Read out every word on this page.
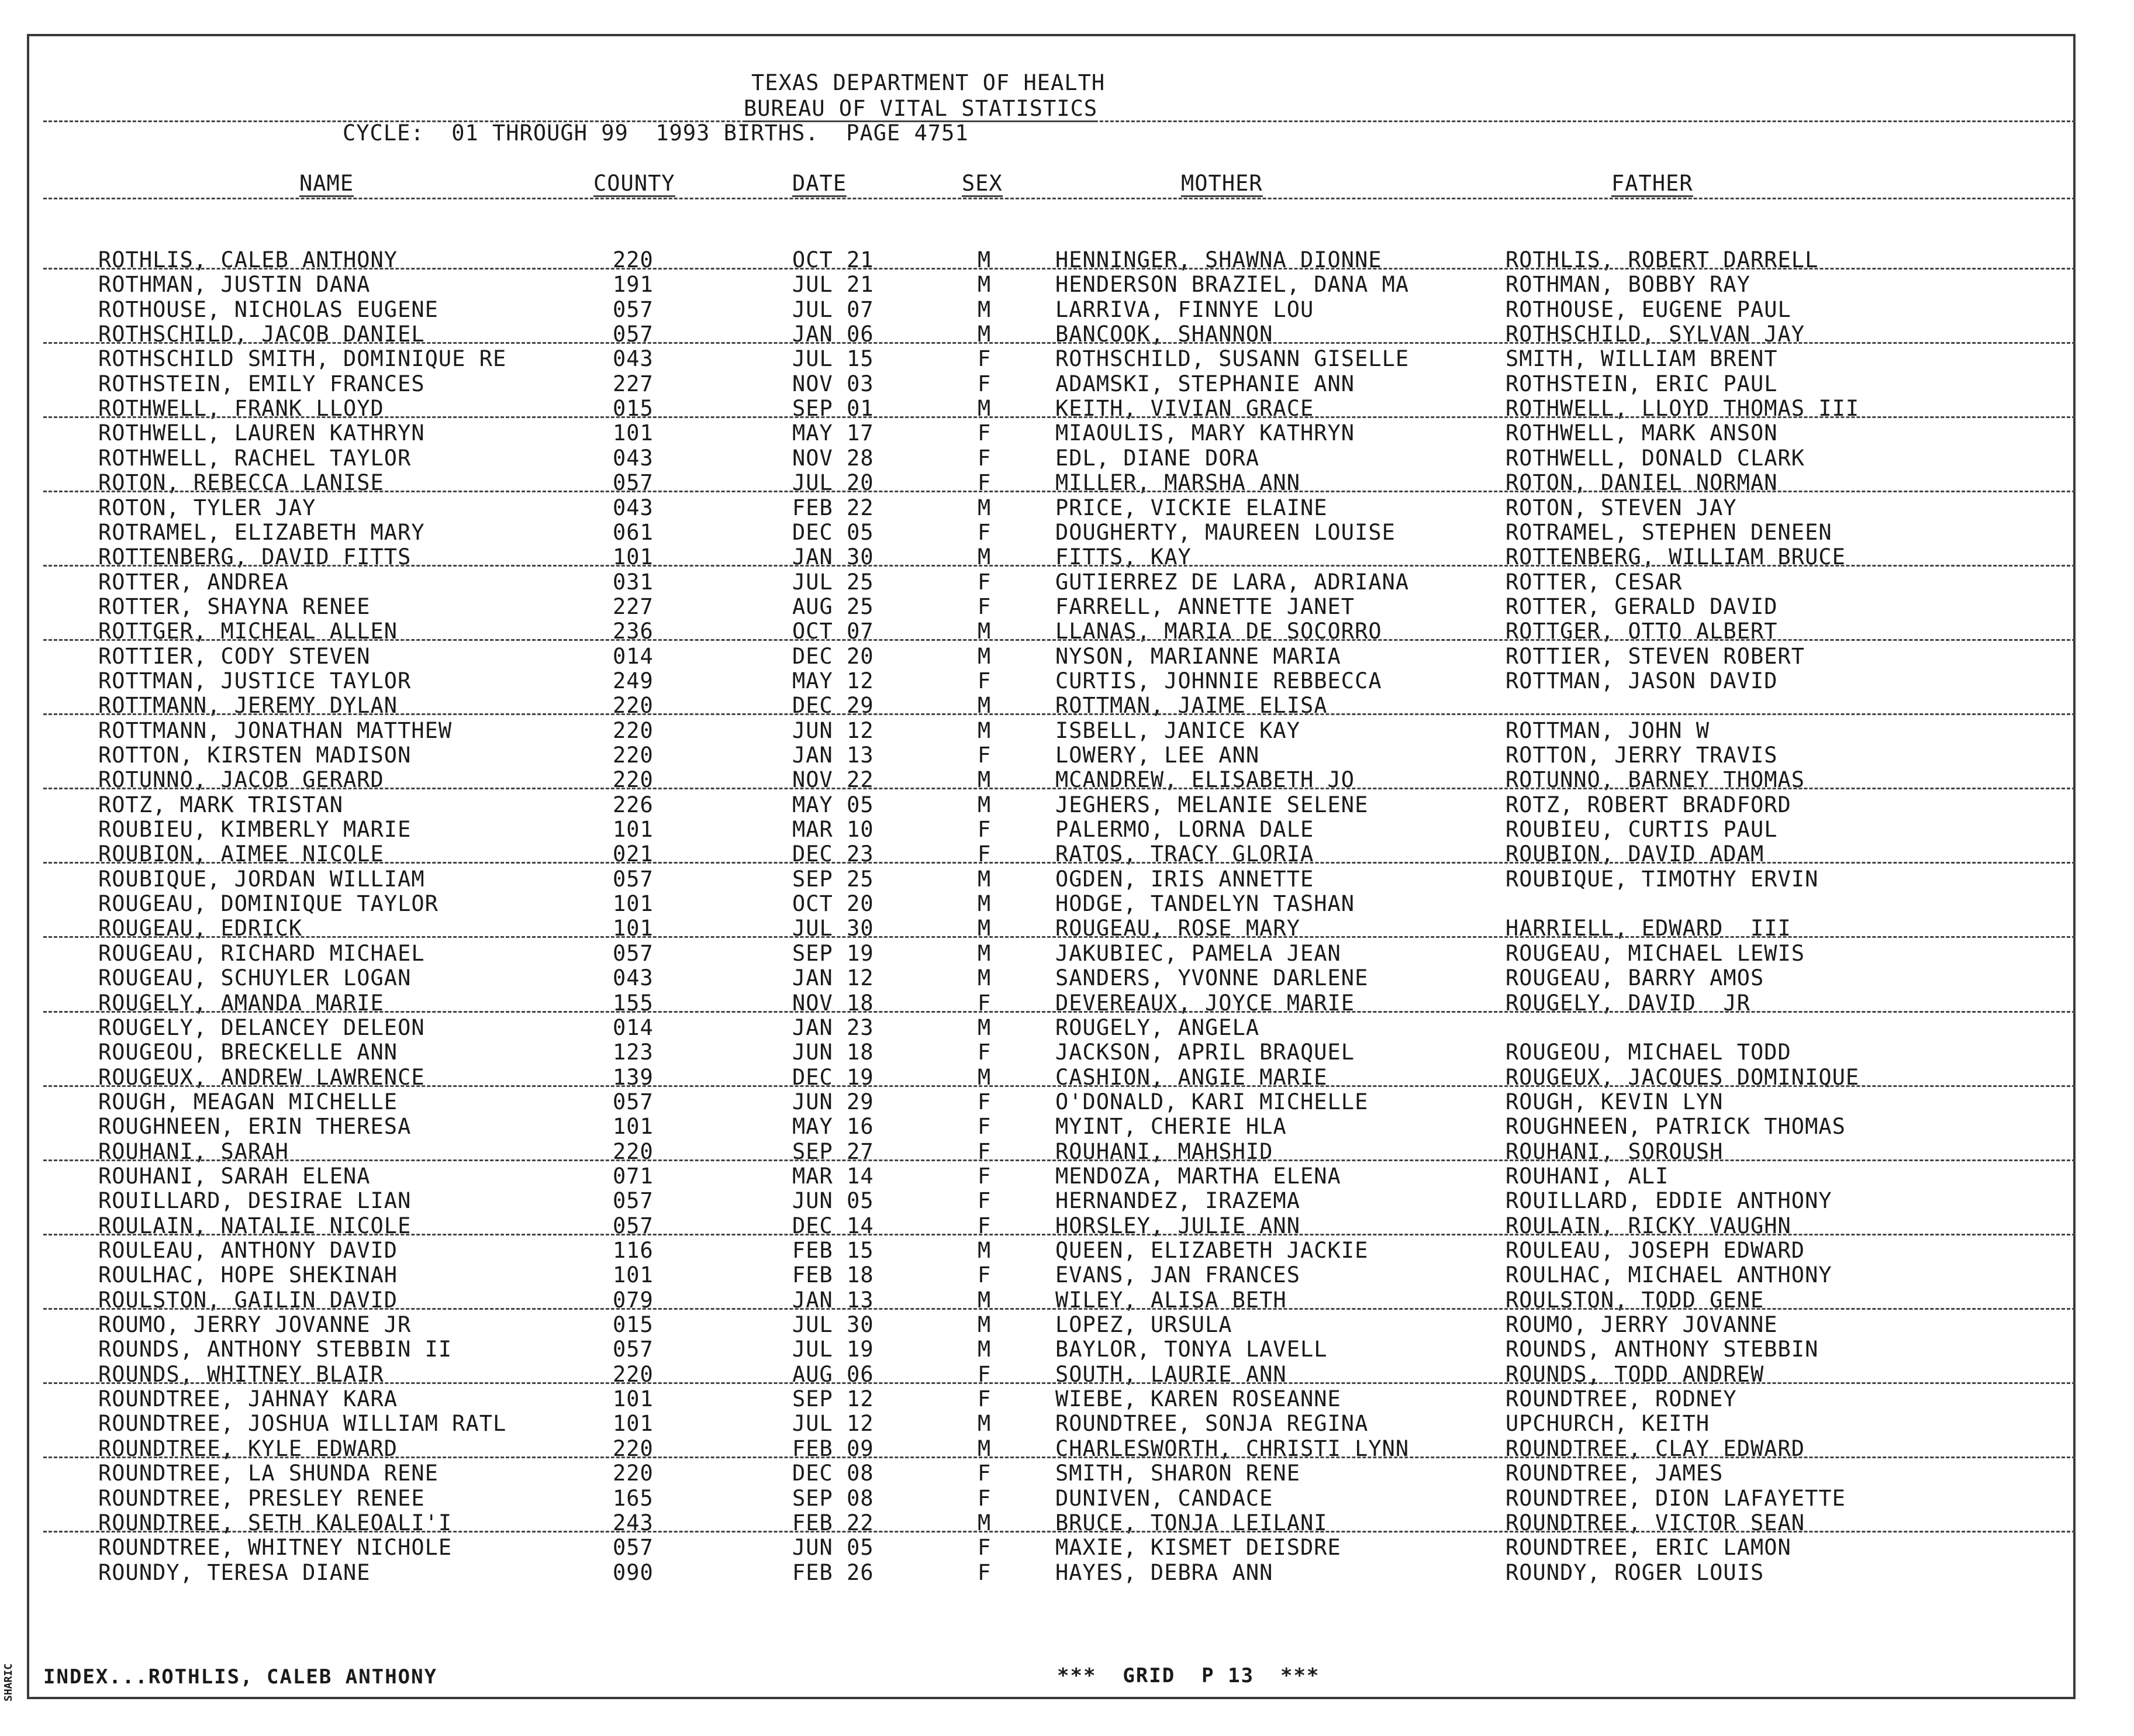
TEXAS DEPARTMENT OF HEALTH
BUREAU OF VITAL STATISTICS
CYCLE:  01 THROUGH 99  1993 BIRTHS.  PAGE 4751
NAME	COUNTY	DATE	SEX	MOTHER	FATHER
ROTHLIS, CALEB ANTHONY	220	OCT 21	M	HENNINGER, SHAWNA DIONNE	ROTHLIS, ROBERT DARRELL
ROTHMAN, JUSTIN DANA	191	JUL 21	M	HENDERSON BRAZIEL, DANA MA	ROTHMAN, BOBBY RAY
ROTHOUSE, NICHOLAS EUGENE	057	JUL 07	M	LARRIVA, FINNYE LOU	ROTHOUSE, EUGENE PAUL
ROTHSCHILD, JACOB DANIEL	057	JAN 06	M	BANCOOK, SHANNON	ROTHSCHILD, SYLVAN JAY
ROTHSCHILD SMITH, DOMINIQUE RE	043	JUL 15	F	ROTHSCHILD, SUSANN GISELLE	SMITH, WILLIAM BRENT
ROTHSTEIN, EMILY FRANCES	227	NOV 03	F	ADAMSKI, STEPHANIE ANN	ROTHSTEIN, ERIC PAUL
ROTHWELL, FRANK LLOYD	015	SEP 01	M	KEITH, VIVIAN GRACE	ROTHWELL, LLOYD THOMAS III
ROTHWELL, LAUREN KATHRYN	101	MAY 17	F	MIAOULIS, MARY KATHRYN	ROTHWELL, MARK ANSON
ROTHWELL, RACHEL TAYLOR	043	NOV 28	F	EDL, DIANE DORA	ROTHWELL, DONALD CLARK
ROTON, REBECCA LANISE	057	JUL 20	F	MILLER, MARSHA ANN	ROTON, DANIEL NORMAN
ROTON, TYLER JAY	043	FEB 22	M	PRICE, VICKIE ELAINE	ROTON, STEVEN JAY
ROTRAMEL, ELIZABETH MARY	061	DEC 05	F	DOUGHERTY, MAUREEN LOUISE	ROTRAMEL, STEPHEN DENEEN
ROTTENBERG, DAVID FITTS	101	JAN 30	M	FITTS, KAY	ROTTENBERG, WILLIAM BRUCE
ROTTER, ANDREA	031	JUL 25	F	GUTIERREZ DE LARA, ADRIANA	ROTTER, CESAR
ROTTER, SHAYNA RENEE	227	AUG 25	F	FARRELL, ANNETTE JANET	ROTTER, GERALD DAVID
ROTTGER, MICHEAL ALLEN	236	OCT 07	M	LLANAS, MARIA DE SOCORRO	ROTTGER, OTTO ALBERT
ROTTIER, CODY STEVEN	014	DEC 20	M	NYSON, MARIANNE MARIA	ROTTIER, STEVEN ROBERT
ROTTMAN, JUSTICE TAYLOR	249	MAY 12	F	CURTIS, JOHNNIE REBBECCA	ROTTMAN, JASON DAVID
ROTTMANN, JEREMY DYLAN	220	DEC 29	M	ROTTMAN, JAIME ELISA
ROTTMANN, JONATHAN MATTHEW	220	JUN 12	M	ISBELL, JANICE KAY	ROTTMAN, JOHN W
ROTTON, KIRSTEN MADISON	220	JAN 13	F	LOWERY, LEE ANN	ROTTON, JERRY TRAVIS
ROTUNNO, JACOB GERARD	220	NOV 22	M	MCANDREW, ELISABETH JO	ROTUNNO, BARNEY THOMAS
ROTZ, MARK TRISTAN	226	MAY 05	M	JEGHERS, MELANIE SELENE	ROTZ, ROBERT BRADFORD
ROUBIEU, KIMBERLY MARIE	101	MAR 10	F	PALERMO, LORNA DALE	ROUBIEU, CURTIS PAUL
ROUBION, AIMEE NICOLE	021	DEC 23	F	RATOS, TRACY GLORIA	ROUBION, DAVID ADAM
ROUBIQUE, JORDAN WILLIAM	057	SEP 25	M	OGDEN, IRIS ANNETTE	ROUBIQUE, TIMOTHY ERVIN
ROUGEAU, DOMINIQUE TAYLOR	101	OCT 20	M	HODGE, TANDELYN TASHAN
ROUGEAU, EDRICK	101	JUL 30	M	ROUGEAU, ROSE MARY	HARRIELL, EDWARD  III
ROUGEAU, RICHARD MICHAEL	057	SEP 19	M	JAKUBIEC, PAMELA JEAN	ROUGEAU, MICHAEL LEWIS
ROUGEAU, SCHUYLER LOGAN	043	JAN 12	M	SANDERS, YVONNE DARLENE	ROUGEAU, BARRY AMOS
ROUGELY, AMANDA MARIE	155	NOV 18	F	DEVEREAUX, JOYCE MARIE	ROUGELY, DAVID  JR
ROUGELY, DELANCEY DELEON	014	JAN 23	M	ROUGELY, ANGELA
ROUGEOU, BRECKELLE ANN	123	JUN 18	F	JACKSON, APRIL BRAQUEL	ROUGEOU, MICHAEL TODD
ROUGEUX, ANDREW LAWRENCE	139	DEC 19	M	CASHION, ANGIE MARIE	ROUGEUX, JACQUES DOMINIQUE
ROUGH, MEAGAN MICHELLE	057	JUN 29	F	O'DONALD, KARI MICHELLE	ROUGH, KEVIN LYN
ROUGHNEEN, ERIN THERESA	101	MAY 16	F	MYINT, CHERIE HLA	ROUGHNEEN, PATRICK THOMAS
ROUHANI, SARAH	220	SEP 27	F	ROUHANI, MAHSHID	ROUHANI, SOROUSH
ROUHANI, SARAH ELENA	071	MAR 14	F	MENDOZA, MARTHA ELENA	ROUHANI, ALI
ROUILLARD, DESIRAE LIAN	057	JUN 05	F	HERNANDEZ, IRAZEMA	ROUILLARD, EDDIE ANTHONY
ROULAIN, NATALIE NICOLE	057	DEC 14	F	HORSLEY, JULIE ANN	ROULAIN, RICKY VAUGHN
ROULEAU, ANTHONY DAVID	116	FEB 15	M	QUEEN, ELIZABETH JACKIE	ROULEAU, JOSEPH EDWARD
ROULHAC, HOPE SHEKINAH	101	FEB 18	F	EVANS, JAN FRANCES	ROULHAC, MICHAEL ANTHONY
ROULSTON, GAILIN DAVID	079	JAN 13	M	WILEY, ALISA BETH	ROULSTON, TODD GENE
ROUMO, JERRY JOVANNE JR	015	JUL 30	M	LOPEZ, URSULA	ROUMO, JERRY JOVANNE
ROUNDS, ANTHONY STEBBIN II	057	JUL 19	M	BAYLOR, TONYA LAVELL	ROUNDS, ANTHONY STEBBIN
ROUNDS, WHITNEY BLAIR	220	AUG 06	F	SOUTH, LAURIE ANN	ROUNDS, TODD ANDREW
ROUNDTREE, JAHNAY KARA	101	SEP 12	F	WIEBE, KAREN ROSEANNE	ROUNDTREE, RODNEY
ROUNDTREE, JOSHUA WILLIAM RATL	101	JUL 12	M	ROUNDTREE, SONJA REGINA	UPCHURCH, KEITH
ROUNDTREE, KYLE EDWARD	220	FEB 09	M	CHARLESWORTH, CHRISTI LYNN	ROUNDTREE, CLAY EDWARD
ROUNDTREE, LA SHUNDA RENE	220	DEC 08	F	SMITH, SHARON RENE	ROUNDTREE, JAMES
ROUNDTREE, PRESLEY RENEE	165	SEP 08	F	DUNIVEN, CANDACE	ROUNDTREE, DION LAFAYETTE
ROUNDTREE, SETH KALEOALI'I	243	FEB 22	M	BRUCE, TONJA LEILANI	ROUNDTREE, VICTOR SEAN
ROUNDTREE, WHITNEY NICHOLE	057	JUN 05	F	MAXIE, KISMET DEISDRE	ROUNDTREE, ERIC LAMON
ROUNDY, TERESA DIANE	090	FEB 26	F	HAYES, DEBRA ANN	ROUNDY, ROGER LOUIS
INDEX...ROTHLIS, CALEB ANTHONY	***  GRID  P 13  ***
SHARIC
